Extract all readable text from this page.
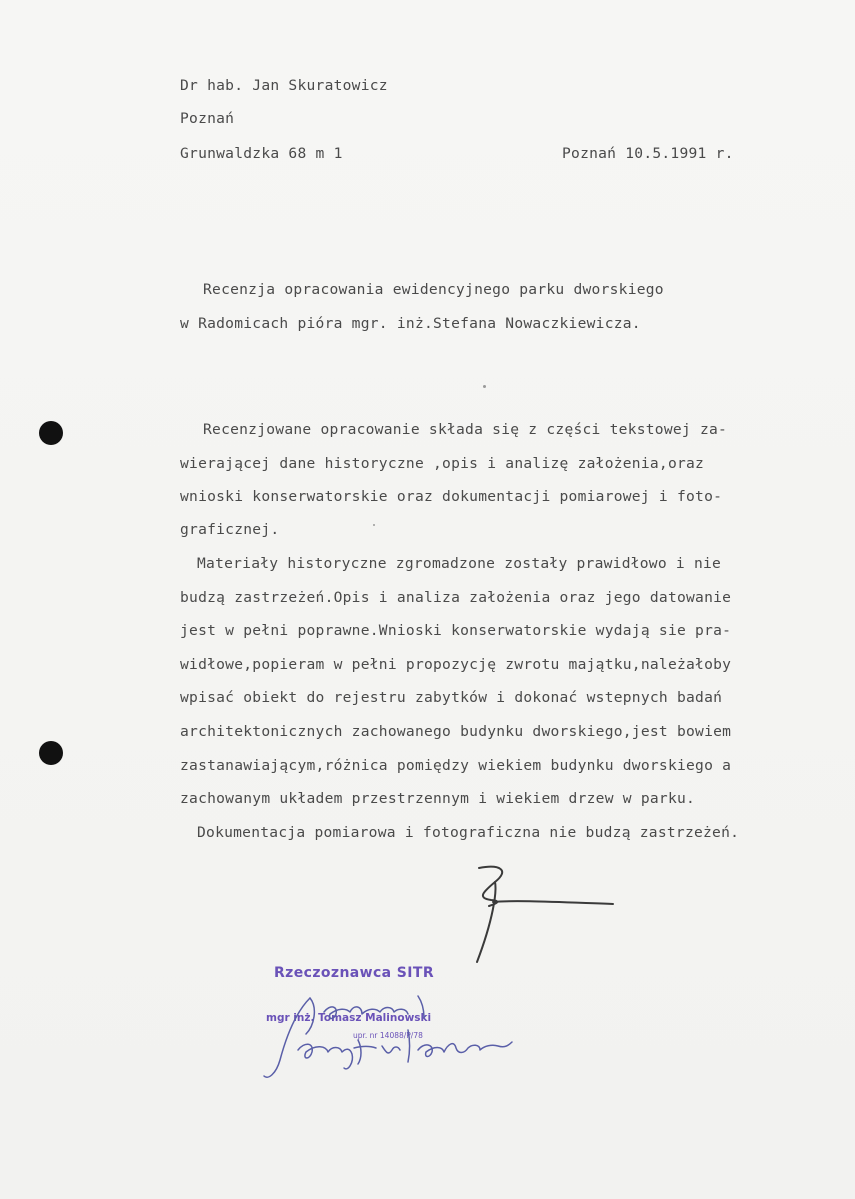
Dr hab. Jan Skuratowicz
Poznań
Grunwaldzka 68 m 1	Poznań 10.5.1991 r.
Recenzja opracowania ewidencyjnego parku dworskiego
w Radomicach pióra mgr. inż.Stefana Nowaczkiewicza.
Recenzjowane opracowanie składa się z części tekstowej za-
wierającej dane historyczne ,opis i analizę założenia,oraz
wnioski konserwatorskie oraz dokumentacji pomiarowej i foto-
graficznej.
Materiały historyczne zgromadzone zostały prawidłowo i nie
budzą zastrzeżeń.Opis i analiza założenia oraz jego datowanie
jest w pełni poprawne.Wnioski konserwatorskie wydają sie pra-
widłowe,popieram w pełni propozycję zwrotu majątku,należałoby
wpisać obiekt do rejestru zabytków i dokonać wstepnych badań
architektonicznych zachowanego budynku dworskiego,jest bowiem
zastanawiającym,różnica pomiędzy wiekiem budynku dworskiego a
zachowanym układem przestrzennym i wiekiem drzew w parku.
Dokumentacja pomiarowa i fotograficzna nie budzą zastrzeżeń.
Rzeczoznawca SITR
mgr inż. Tomasz Malinowski
upr. nr 14088/P/78
